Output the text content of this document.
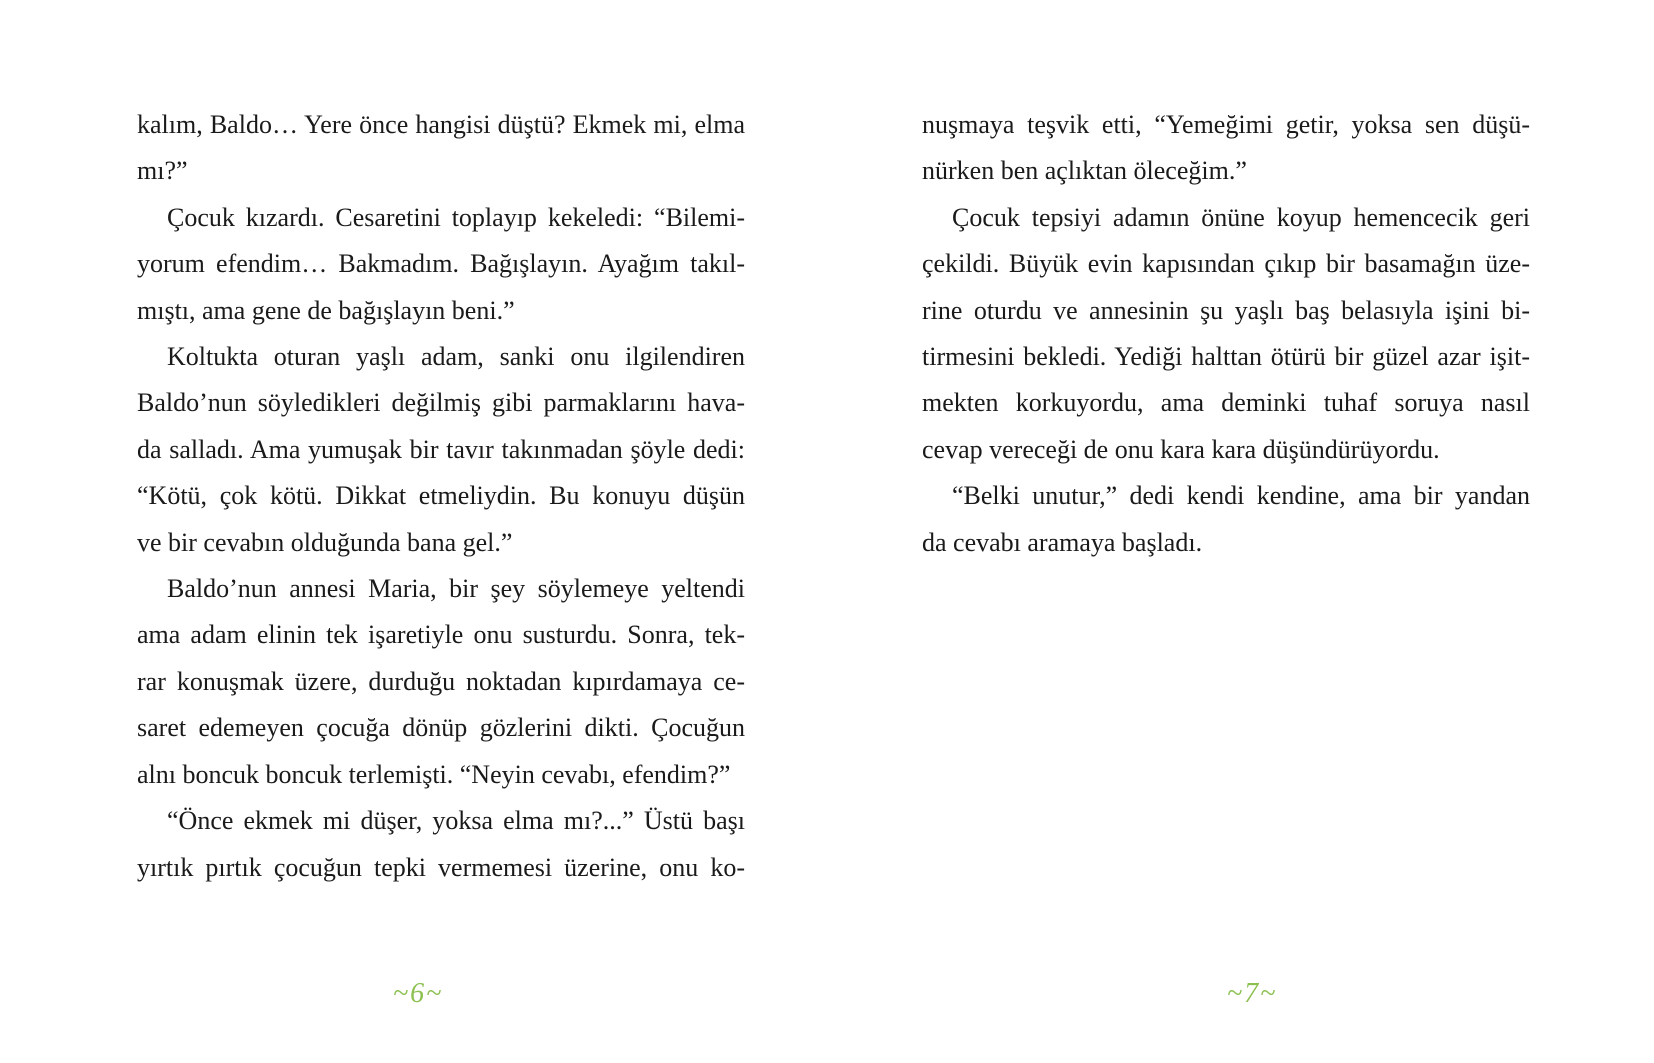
kalım, Baldo… Yere önce hangisi düştü? Ekmek mi, elma
mı?”
Çocuk kızardı. Cesaretini toplayıp kekeledi: “Bilemi-
yorum efendim… Bakmadım. Bağışlayın. Ayağım takıl-
mıştı, ama gene de bağışlayın beni.”
Koltukta oturan yaşlı adam, sanki onu ilgilendiren
Baldo’nun söyledikleri değilmiş gibi parmaklarını hava-
da salladı. Ama yumuşak bir tavır takınmadan şöyle dedi:
“Kötü, çok kötü. Dikkat etmeliydin. Bu konuyu düşün
ve bir cevabın olduğunda bana gel.”
Baldo’nun annesi Maria, bir şey söylemeye yeltendi
ama adam elinin tek işaretiyle onu susturdu. Sonra, tek-
rar konuşmak üzere, durduğu noktadan kıpırdamaya ce-
saret edemeyen çocuğa dönüp gözlerini dikti. Çocuğun
alnı boncuk boncuk terlemişti. “Neyin cevabı, efendim?”
“Önce ekmek mi düşer, yoksa elma mı?...” Üstü başı
yırtık pırtık çocuğun tepki vermemesi üzerine, onu ko-
~6~
nuşmaya teşvik etti, “Yemeğimi getir, yoksa sen düşü-
nürken ben açlıktan öleceğim.”
Çocuk tepsiyi adamın önüne koyup hemencecik geri
çekildi. Büyük evin kapısından çıkıp bir basamağın üze-
rine oturdu ve annesinin şu yaşlı baş belasıyla işini bi-
tirmesini bekledi. Yediği halttan ötürü bir güzel azar işit-
mekten korkuyordu, ama deminki tuhaf soruya nasıl
cevap vereceği de onu kara kara düşündürüyordu.
“Belki unutur,” dedi kendi kendine, ama bir yandan
da cevabı aramaya başladı.
~7~
